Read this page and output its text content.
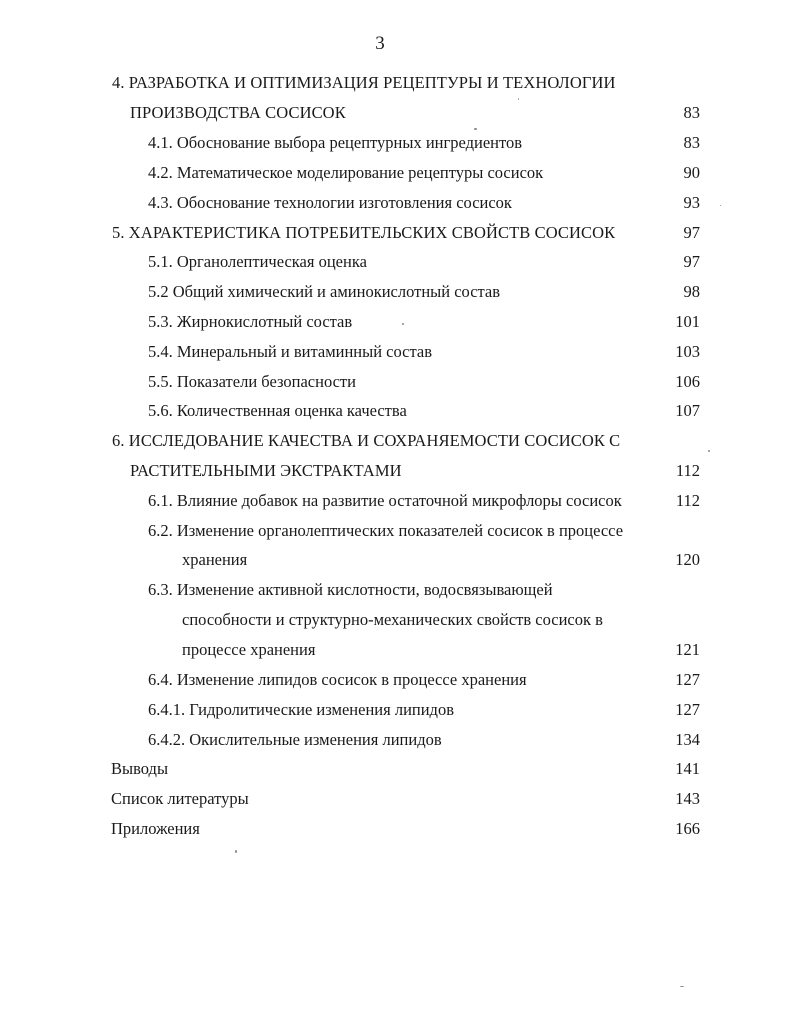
3
4. РАЗРАБОТКА И ОПТИМИЗАЦИЯ РЕЦЕПТУРЫ И ТЕХНОЛОГИИ
ПРОИЗВОДСТВА СОСИСОК	83
4.1. Обоснование выбора рецептурных ингредиентов	83
4.2. Математическое моделирование рецептуры сосисок	90
4.3. Обоснование технологии изготовления сосисок	93
5. ХАРАКТЕРИСТИКА ПОТРЕБИТЕЛЬСКИХ СВОЙСТВ СОСИСОК	97
5.1. Органолептическая оценка	97
5.2 Общий химический и аминокислотный состав	98
5.3. Жирнокислотный состав	101
5.4. Минеральный и витаминный состав	103
5.5. Показатели безопасности	106
5.6. Количественная оценка качества	107
6. ИССЛЕДОВАНИЕ КАЧЕСТВА И СОХРАНЯЕМОСТИ СОСИСОК С
РАСТИТЕЛЬНЫМИ ЭКСТРАКТАМИ	112
6.1. Влияние добавок на развитие остаточной микрофлоры сосисок	112
6.2. Изменение органолептических показателей сосисок в процессе
хранения	120
6.3. Изменение активной кислотности, водосвязывающей
способности и структурно-механических свойств сосисок в
процессе хранения	121
6.4. Изменение липидов сосисок в процессе хранения	127
6.4.1. Гидролитические изменения липидов	127
6.4.2. Окислительные изменения липидов	134
Выводы	141
Список литературы	143
Приложения	166
